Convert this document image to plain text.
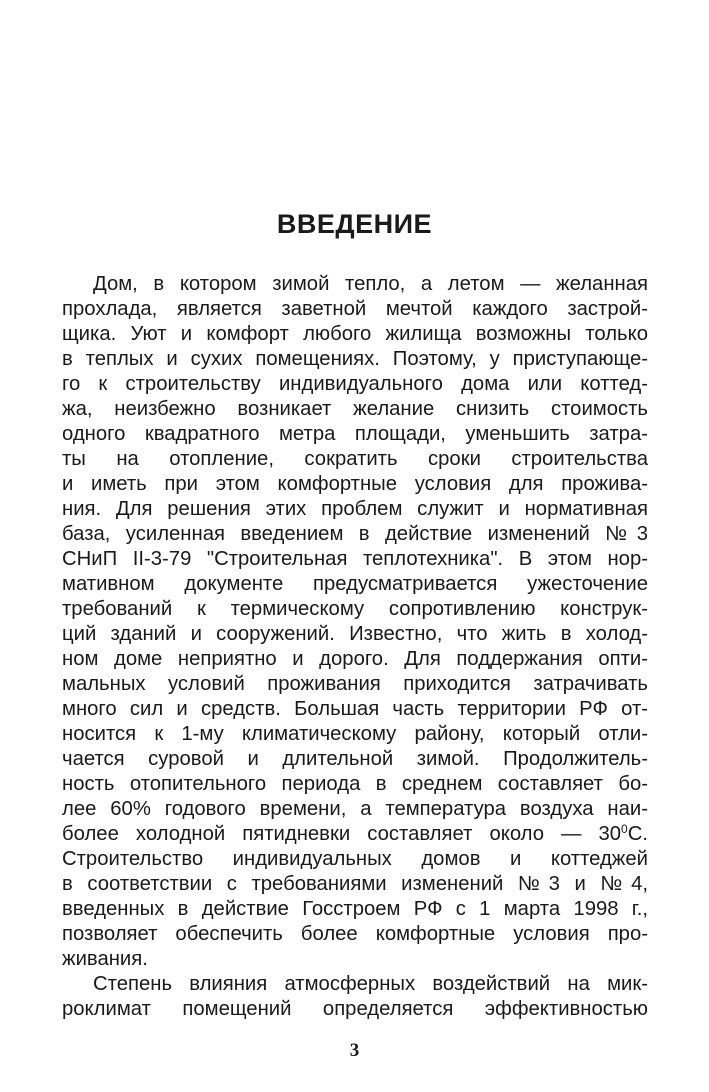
ВВЕДЕНИЕ
Дом, в котором зимой тепло, а летом — желанная
прохлада, является заветной мечтой каждого застрой-
щика. Уют и комфорт любого жилища возможны только
в теплых и сухих помещениях. Поэтому, у приступающе-
го к строительству индивидуального дома или коттед-
жа, неизбежно возникает желание снизить стоимость
одного квадратного метра площади, уменьшить затра-
ты на отопление, сократить сроки строительства
и иметь при этом комфортные условия для прожива-
ния. Для решения этих проблем служит и нормативная
база, усиленная введением в действие изменений №3
СНиП II-3-79 "Строительная теплотехника". В этом нор-
мативном документе предусматривается ужесточение
требований к термическому сопротивлению конструк-
ций зданий и сооружений. Известно, что жить в холод-
ном доме неприятно и дорого. Для поддержания опти-
мальных условий проживания приходится затрачивать
много сил и средств. Большая часть территории РФ от-
носится к 1-му климатическому району, который отли-
чается суровой и длительной зимой. Продолжитель-
ность отопительного периода в среднем составляет бо-
лее 60% годового времени, а температура воздуха наи-
более холодной пятидневки составляет около — $30^0С$.
Строительство индивидуальных домов и коттеджей
в соответствии с требованиями изменений №3 и №4,
введенных в действие Госстроем РФ с 1 марта 1998 г.,
позволяет обеспечить более комфортные условия про-
живания.
Степень влияния атмосферных воздействий на мик-
роклимат помещений определяется эффективностью
3
